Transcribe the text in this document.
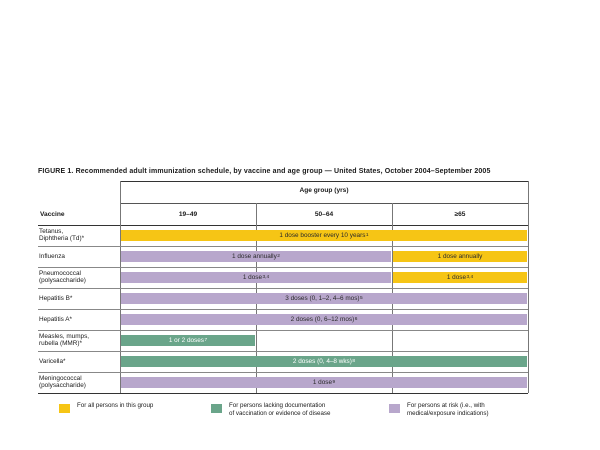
FIGURE 1. Recommended adult immunization schedule, by vaccine and age group — United States, October 2004–September 2005
Age group (yrs)
Vaccine	19–49	50–64	≥65
Tetanus,
Diphtheria (Td)*	1 dose booster every 10 years 1
Influenza	1 dose annually 2	1 dose annually
Pneumococcal
(polysaccharide)	1 dose 3,4	1 dose 3,4
Hepatitis B*	3 doses (0, 1–2, 4–6 mos) 5
Hepatitis A*	2 doses (0, 6–12 mos) 6
Measles, mumps,
rubella (MMR)*	1 or 2 doses 7
Varicella*	2 doses (0, 4–8 wks) 8
Meningococcal
(polysaccharide)	1 dose 9
For all persons in this group	For persons lacking documentation
of vaccination or evidence of disease
For persons at risk (i.e., with
medical/exposure indications)
